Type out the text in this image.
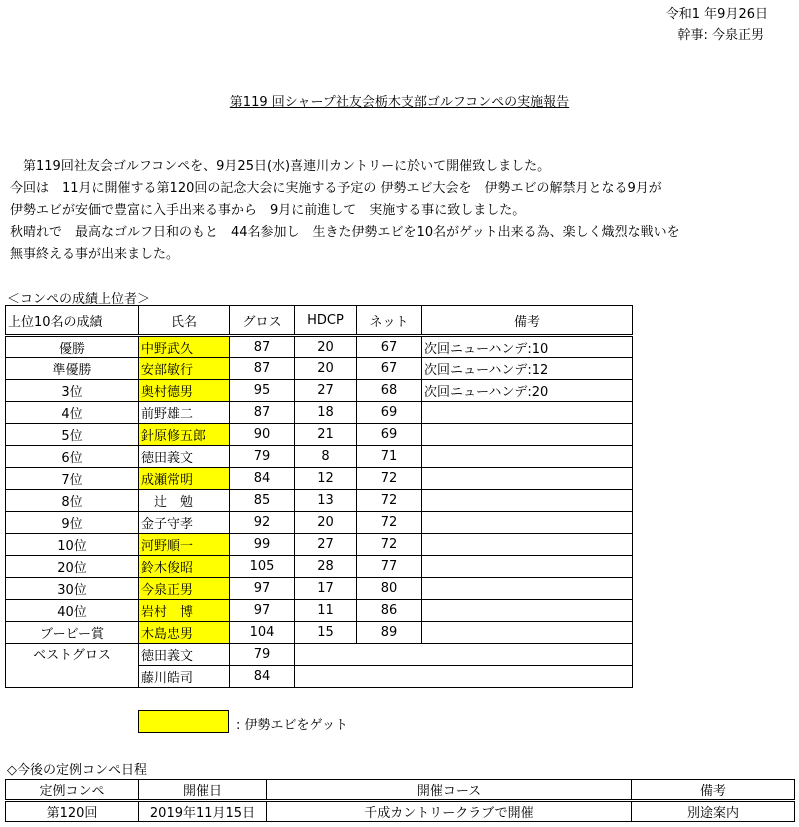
令和1 年9月26日
幹事: 今泉正男
第119 回シャープ社友会栃木支部ゴルフコンペの実施報告
　第119回社友会ゴルフコンペを、9月25日(水)喜連川カントリーに於いて開催致しました。
今回は　11月に開催する第120回の記念大会に実施する予定の 伊勢エビ大会を　伊勢エビの解禁月となる9月が
伊勢エビが安価で豊富に入手出来る事から　9月に前進して　実施する事に致しました。
秋晴れで　最高なゴルフ日和のもと　44名参加し　生きた伊勢エビを10名がゲット出来る為、楽しく熾烈な戦いを
無事終える事が出来ました。
＜コンペの成績上位者＞
上位10名の成績	氏名	グロス	HDCP	ネット	備考
優勝	中野武久	87	20	67	次回ニューハンデ:10
準優勝	安部敏行	87	20	67	次回ニューハンデ:12
3位	奥村德男	95	27	68	次回ニューハンデ:20
4位	前野雄二	87	18	69	
5位	針原修五郎	90	21	69	
6位	徳田義文	79	8	71	
7位	成瀬常明	84	12	72	
8位	　辻　勉	85	13	72	
9位	金子守孝	92	20	72	
10位	河野順一	99	27	72	
20位	鈴木俊昭	105	28	77	
30位	今泉正男	97	17	80	
40位	岩村　博	97	11	86	
ブービー賞	木島忠男	104	15	89	
ベストグロス	徳田義文	79			
	藤川皓司	84			
: 伊勢エビをゲット
◇今後の定例コンペ日程
定例コンペ	開催日	開催コース	備考
第120回	2019年11月15日	千成カントリークラブで開催	別途案内
